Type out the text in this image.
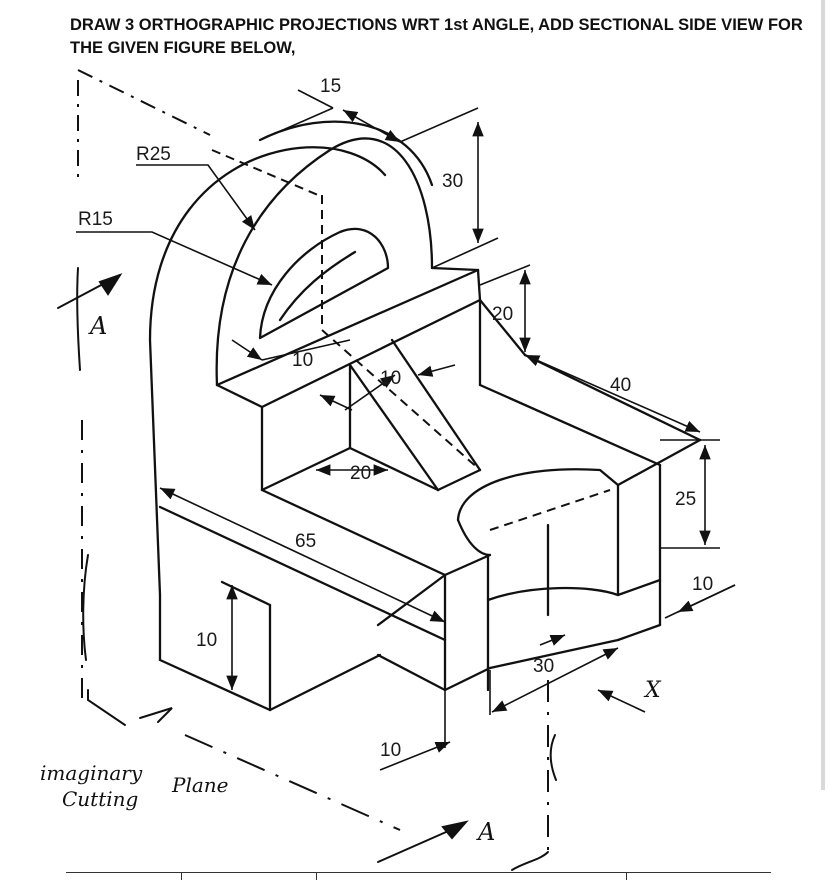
DRAW 3 ORTHOGRAPHIC PROJECTIONS WRT 1st ANGLE, ADD SECTIONAL SIDE VIEW FOR
THE GIVEN FIGURE BELOW,
15
30
R25
R15
20
10
10	40
20
25
65
10
10
30
10
A
A
X
imaginary
Cutting
Plane
